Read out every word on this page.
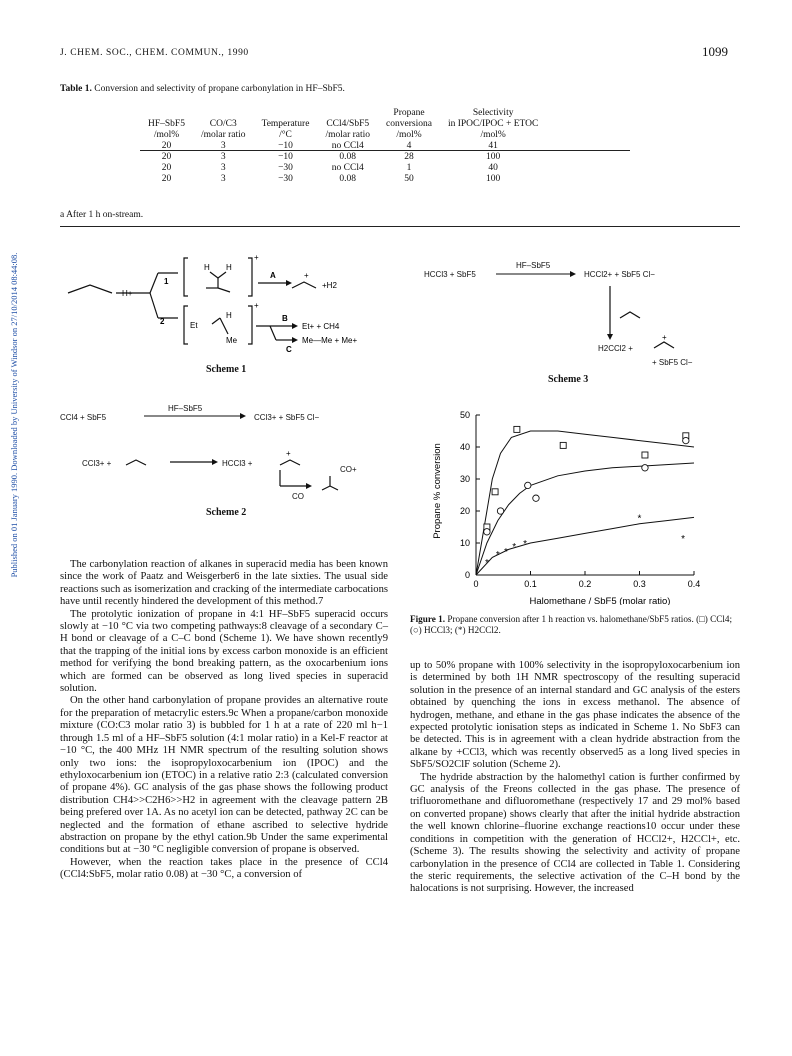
J. CHEM. SOC., CHEM. COMMUN., 1990	1099
Published on 01 January 1990. Downloaded by University of Windsor on 27/10/2014 08:44:08.
Table 1. Conversion and selectivity of propane carbonylation in HF–SbF5.
				Propane	Selectivity
HF–SbF5	CO/C3	Temperature	CCl4/SbF5	conversiona	in IPOC/IPOC + ETOC
/mol%	/molar ratio	/°C	/molar ratio	/mol%	/mol%
20	3	−10	no CCl4	4	41
20	3	−10	0.08	28	100
20	3	−30	no CCl4	1	40
20	3	−30	0.08	50	100
a After 1 h on-stream.
H+
1
2
H H
+
A	+
+H2
Et
H
Me
+
B
C
Et+ + CH4
Me—Me + Me+
Scheme 1
CCl4 + SbF5
HF–SbF5
CCl3+ + SbF5 Cl−
CCl3+ +
+
HCCl3 +
CO+
CO
Scheme 2
HCCl3 + SbF5
HF–SbF5
HCCl2+ + SbF5 Cl−
H2CCl2 +
+
+ SbF5 Cl−
Scheme 3
*
* * * *
*
*
0	0.1	0.2	0.3	0.4
0
10
20
30
40
50
Halomethane / SbF5 (molar ratio)
Propane % conversion
Figure 1. Propane conversion after 1 h reaction vs. halomethane/SbF5 ratios. (□) CCl4; (○) HCCl3; (*) H2CCl2.

The carbonylation reaction of alkanes in superacid media has been known since the work of Paatz and Weisgerber6 in the late sixties. The usual side reactions such as isomerization and cracking of the intermediate carbocations have until recently hindered the development of this method.7

The protolytic ionization of propane in 4:1 HF–SbF5 superacid occurs slowly at −10 °C via two competing pathways:8 cleavage of a secondary C–H bond or cleavage of a C–C bond (Scheme 1). We have shown recently9 that the trapping of the initial ions by excess carbon monoxide is an efficient method for verifying the bond breaking pattern, as the oxocarbenium ions which are formed can be observed as long lived species in superacid solution.

On the other hand carbonylation of propane provides an alternative route for the preparation of metacrylic esters.9c When a propane/carbon monoxide mixture (CO:C3 molar ratio 3) is bubbled for 1 h at a rate of 220 ml h−1 through 1.5 ml of a HF–SbF5 solution (4:1 molar ratio) in a Kel-F reactor at −10 °C, the 400 MHz 1H NMR spectrum of the resulting solution shows only two ions: the isopropyloxocarbenium ion (IPOC) and the ethyloxocarbenium ion (ETOC) in a relative ratio 2:3 (calculated conversion of propane 4%). GC analysis of the gas phase shows the following product distribution CH4>>C2H6>>H2 in agreement with the cleavage pattern 2B being prefered over 1A. As no acetyl ion can be detected, pathway 2C can be neglected and the formation of ethane ascribed to selective hydride abstraction on propane by the ethyl cation.9b Under the same experimental conditions but at −30 °C negligible conversion of propane is observed.

However, when the reaction takes place in the presence of CCl4 (CCl4:SbF5, molar ratio 0.08) at −30 °C, a conversion of

up to 50% propane with 100% selectivity in the isopropyloxocarbenium ion is determined by both 1H NMR spectroscopy of the resulting superacid solution in the presence of an internal standard and GC analysis of the esters obtained by quenching the ions in excess methanol. The absence of hydrogen, methane, and ethane in the gas phase indicates the absence of the expected protolytic ionisation steps as indicated in Scheme 1. No SbF3 can be detected. This is in agreement with a clean hydride abstraction from the alkane by +CCl3, which was recently observed5 as a long lived species in SbF5/SO2ClF solution (Scheme 2).

The hydride abstraction by the halomethyl cation is further confirmed by GC analysis of the Freons collected in the gas phase. The presence of trifluoromethane and difluoromethane (respectively 17 and 29 mol% based on converted propane) shows clearly that after the initial hydride abstraction the well known chlorine–fluorine exchange reactions10 occur under these conditions in competition with the generation of HCCl2+, H2CCl+, etc. (Scheme 3). The results showing the selectivity and activity of propane carbonylation in the presence of CCl4 are collected in Table 1. Considering the steric requirements, the selective activation of the C–H bond by the halocations is not surprising. However, the increased
